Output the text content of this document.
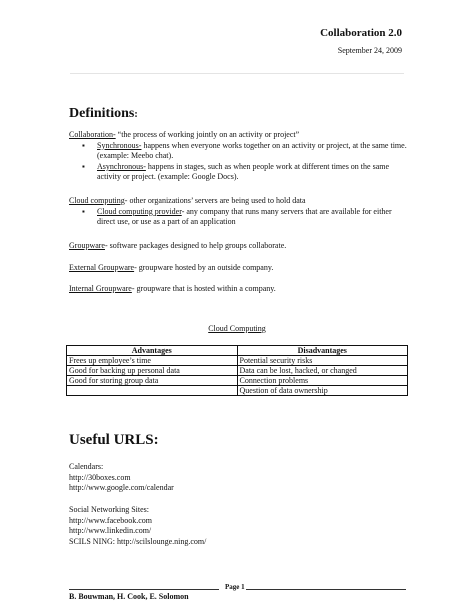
Collaboration 2.0
September 24, 2009
Definitions:

Collaboration- “the process of working jointly on an activity or project”

▪ Synchronous- happens when everyone works together on an activity or project, at the same time. (example: Meebo chat).
▪ Asynchronous- happens in stages, such as when people work at different times on the same activity or project. (example: Google Docs).

Cloud computing- other organizations’ servers are being used to hold data

▪ Cloud computing provider- any company that runs many servers that are available for either direct use, or use as a part of an application

Groupware- software packages designed to help groups collaborate.

External Groupware- groupware hosted by an outside company.

Internal Groupware- groupware that is hosted within a company.

Cloud Computing
Advantages	Disadvantages
Frees up employee’s time	Potential security risks
Good for backing up personal data	Data can be lost, hacked, or changed
Good for storing group data	Connection problems
	Question of data ownership
Useful URLS:
Calendars:
http://30boxes.com
http://www.google.com/calendar
Social Networking Sites:
http://www.facebook.com
http://www.linkedin.com/
SCILS NING: http://scilslounge.ning.com/
Page 1
B. Bouwman, H. Cook, E. Solomon
